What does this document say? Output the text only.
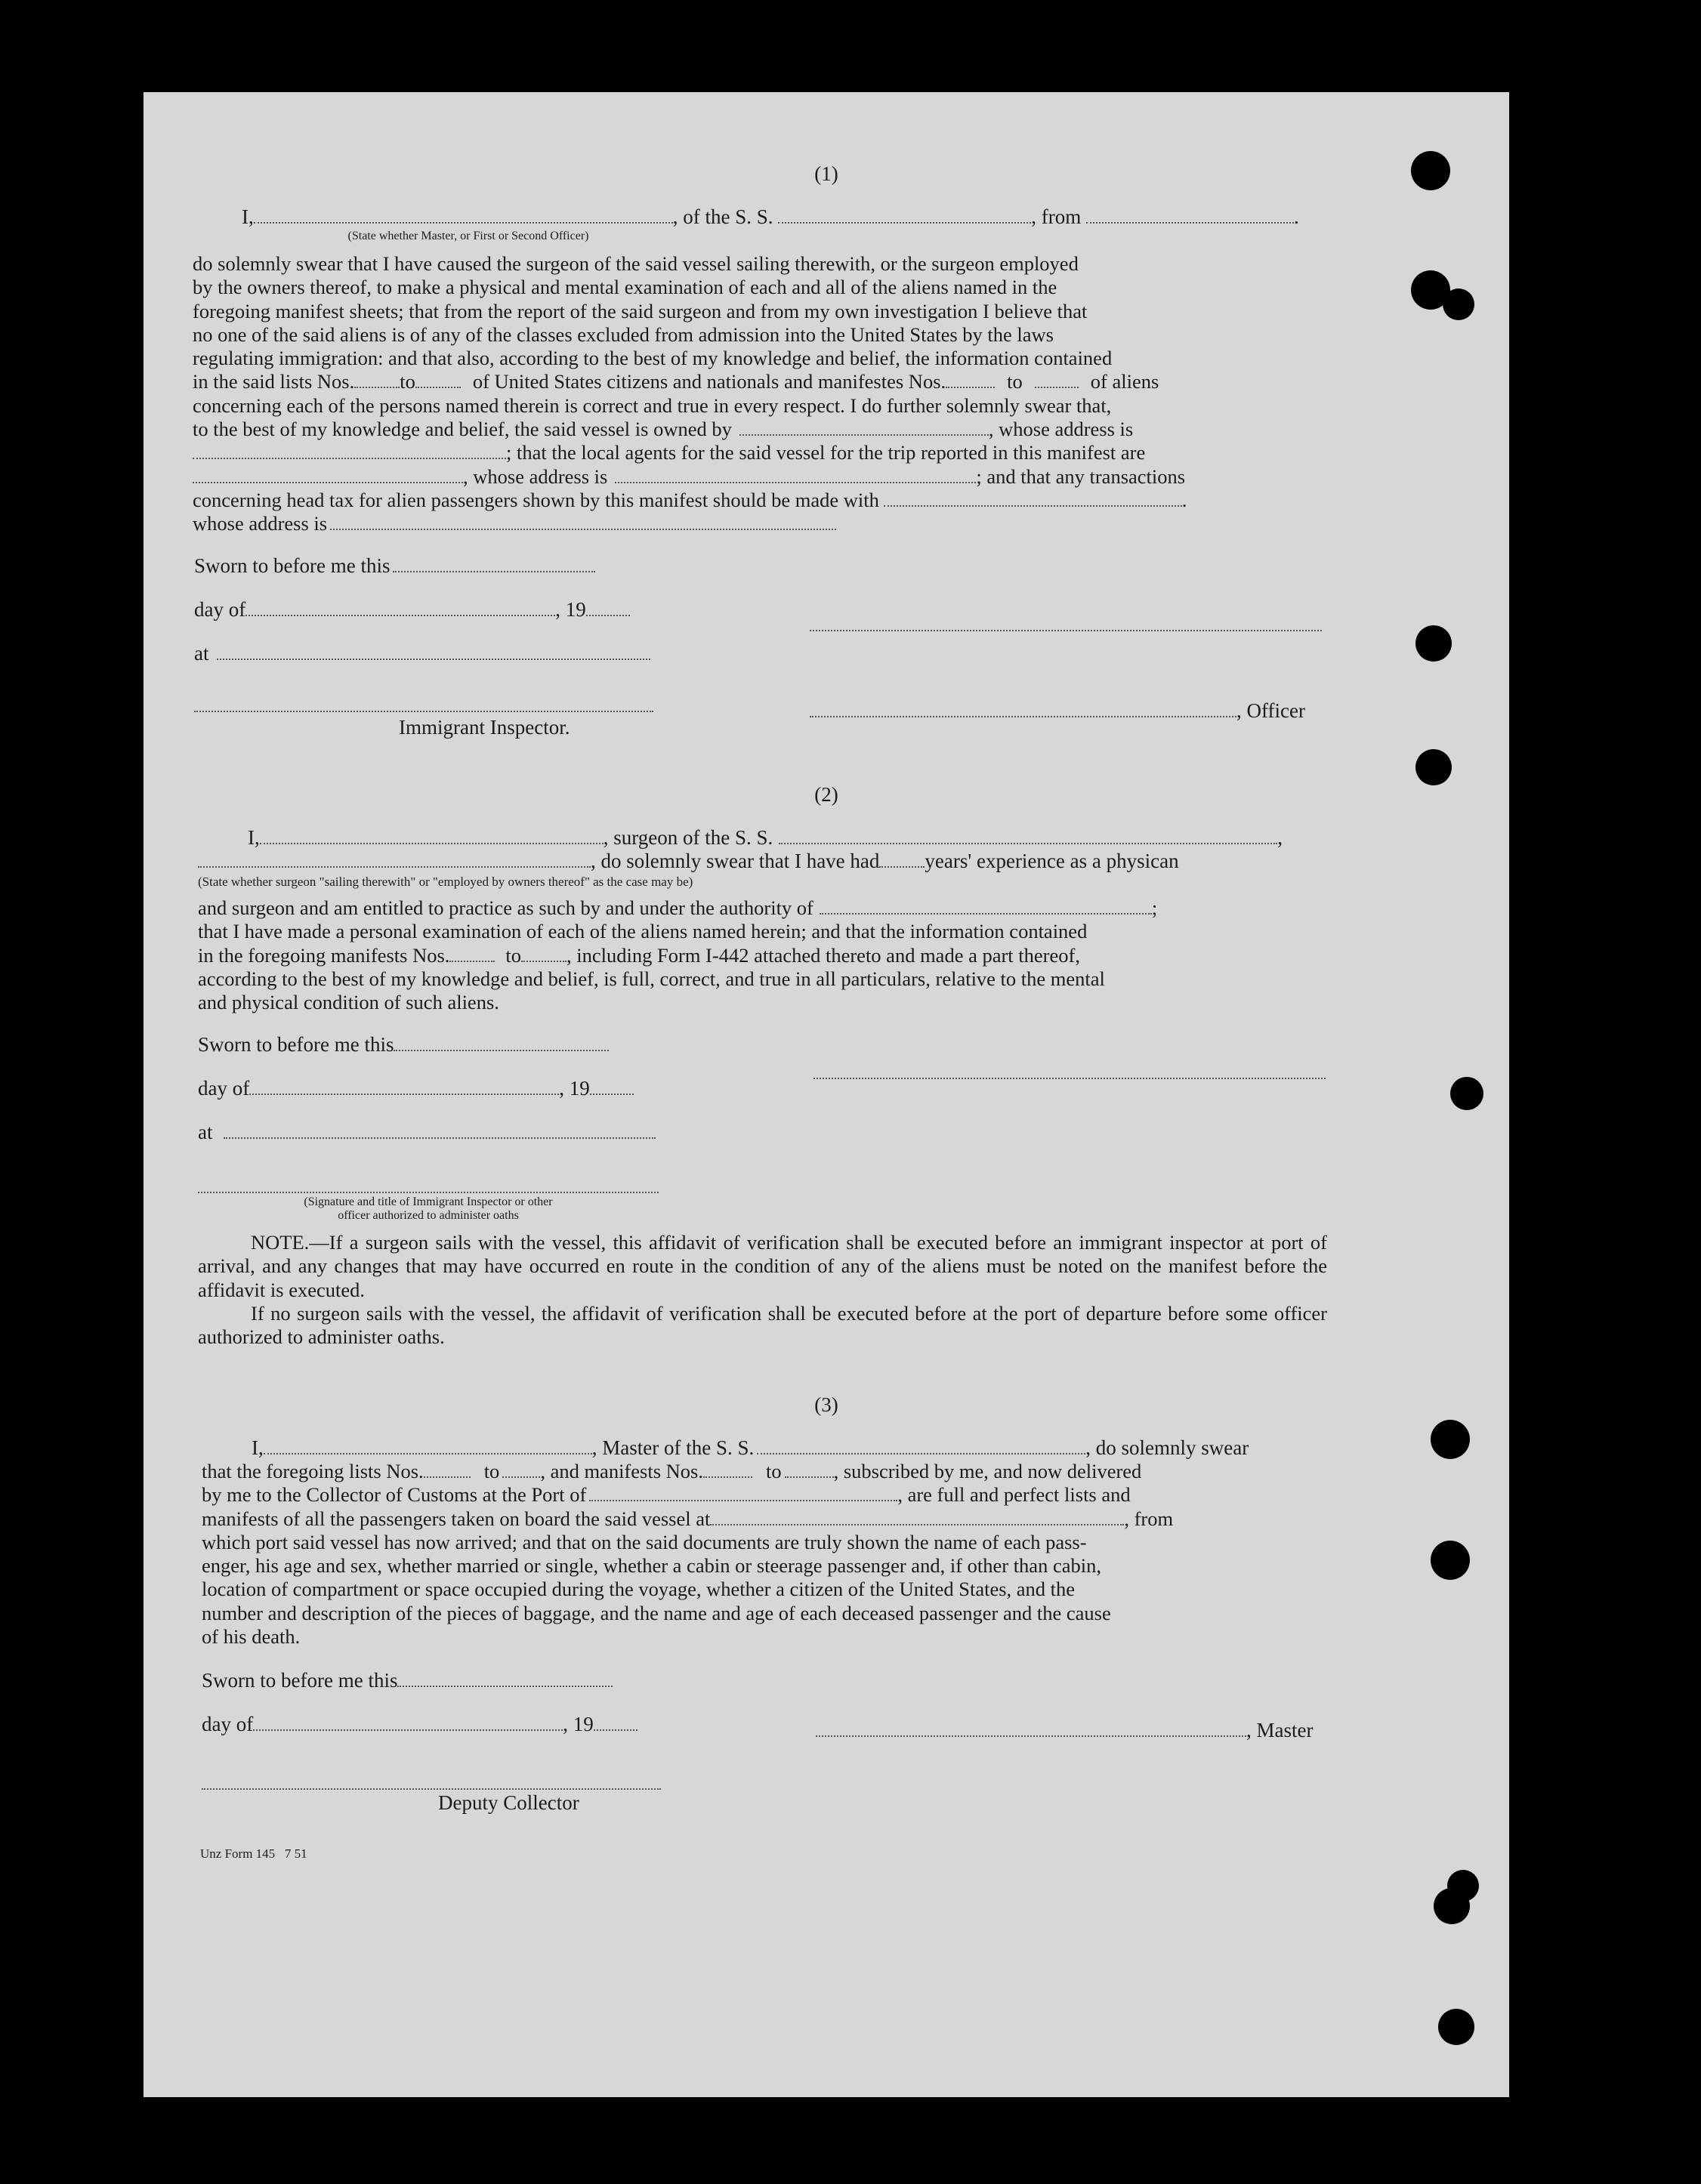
(1)
I,	, of the S. S.	, from	.
(State whether Master, or First or Second Officer)

do solemnly swear that I have caused the surgeon of the said vessel sailing therewith, or the surgeon employed

by the owners thereof, to make a physical and mental examination of each and all of the aliens named in the

foregoing manifest sheets; that from the report of the said surgeon and from my own investigation I believe that

no one of the said aliens is of any of the classes excluded from admission into the United States by the laws

regulating immigration: and that also, according to the best of my knowledge and belief, the information contained

in the said lists Nos. to	of United States citizens and nationals and manifestes Nos.	to	of aliens

concerning each of the persons named therein is correct and true in every respect. I do further solemnly swear that,

to the best of my knowledge and belief, the said vessel is owned by	, whose address is

; that the local agents for the said vessel for the trip reported in this manifest are

, whose address is	; and that any transactions

concerning head tax for alien passengers shown by this manifest should be made with	.

whose address is

Sworn to before me this
day of	, 19
at
Immigrant Inspector.
, Officer
(2)
I,	, surgeon of the S. S.	,
, do solemnly swear that I have had years' experience as a physican
(State whether surgeon "sailing therewith" or "employed by owners thereof" as the case may be)

and surgeon and am entitled to practice as such by and under the authority of	;

that I have made a personal examination of each of the aliens named herein; and that the information contained

in the foregoing manifests Nos.	to , including Form I-442 attached thereto and made a part thereof,

according to the best of my knowledge and belief, is full, correct, and true in all particulars, relative to the mental

and physical condition of such aliens.

Sworn to before me this
day of	, 19
at
(Signature and title of Immigrant Inspector or other
officer authorized to administer oaths

NOTE.—If a surgeon sails with the vessel, this affidavit of verification shall be executed before an immigrant inspector at port of arrival, and any changes that may have occurred en route in the condition of any of the aliens must be noted on the manifest before the affidavit is executed.

If no surgeon sails with the vessel, the affidavit of verification shall be executed before at the port of departure before some officer authorized to administer oaths.

(3)
I,	, Master of the S. S.	, do solemnly swear

that the foregoing lists Nos.	to , and manifests Nos.	to	, subscribed by me, and now delivered

by me to the Collector of Customs at the Port of	, are full and perfect lists and

manifests of all the passengers taken on board the said vessel at	, from

which port said vessel has now arrived; and that on the said documents are truly shown the name of each pass-

enger, his age and sex, whether married or single, whether a cabin or steerage passenger and, if other than cabin,

location of compartment or space occupied during the voyage, whether a citizen of the United States, and the

number and description of the pieces of baggage, and the name and age of each deceased passenger and the cause

of his death.

Sworn to before me this
day of	, 19	, Master
Deputy Collector
Unz Form 145   7 51
